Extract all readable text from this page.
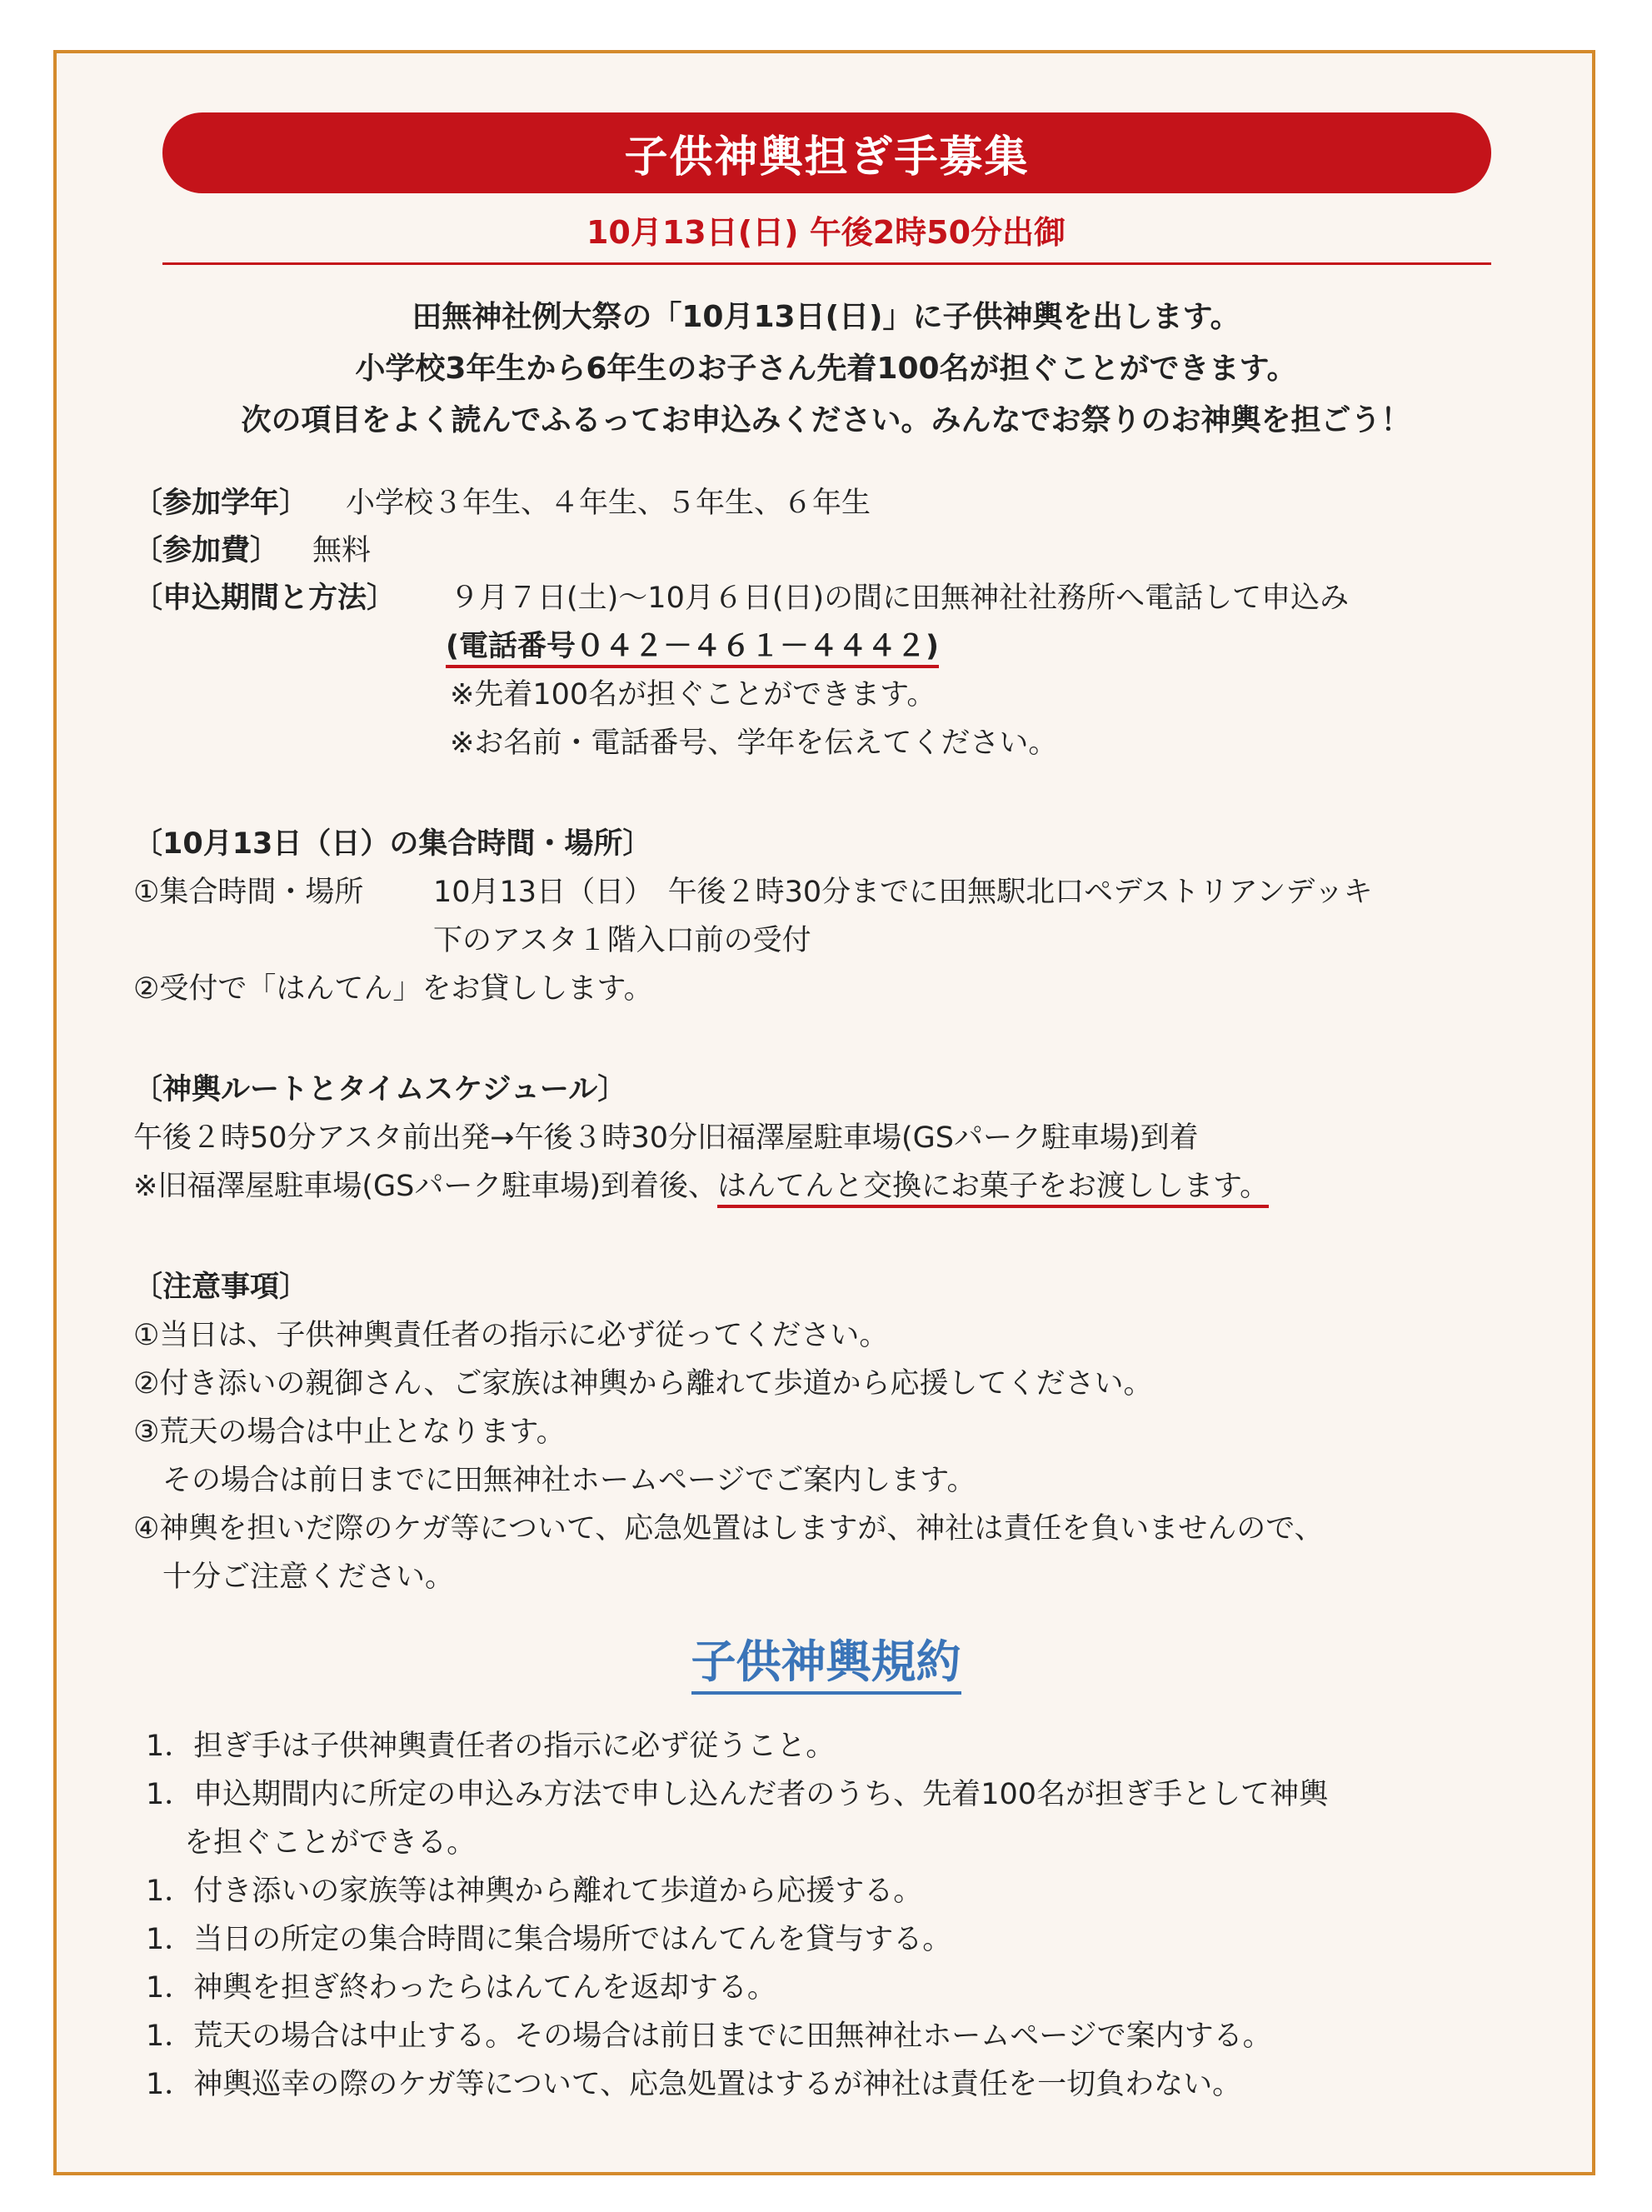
子供神輿担ぎ手募集
10月13日(日) 午後2時50分出御
田無神社例大祭の「10月13日(日)」に子供神輿を出します。
小学校3年生から6年生のお子さん先着100名が担ぐことができます。
次の項目をよく読んでふるってお申込みください。みんなでお祭りのお神輿を担ごう！
〔参加学年〕 小学校３年生、４年生、５年生、６年生
〔参加費〕 無料
〔申込期間と方法〕 ９月７日(土)～10月６日(日)の間に田無神社社務所へ電話して申込み
(電話番号０４２－４６１－４４４２)
※先着100名が担ぐことができます。
※お名前・電話番号、学年を伝えてください。
〔10月13日（日）の集合時間・場所〕
①集合時間・場所 10月13日（日）　午後２時30分までに田無駅北口ペデストリアンデッキ
下のアスタ１階入口前の受付
②受付で「はんてん」をお貸しします。
〔神輿ルートとタイムスケジュール〕
午後２時50分アスタ前出発→午後３時30分旧福澤屋駐車場(GSパーク駐車場)到着
※旧福澤屋駐車場(GSパーク駐車場)到着後、はんてんと交換にお菓子をお渡しします。
〔注意事項〕
①当日は、子供神輿責任者の指示に必ず従ってください。
②付き添いの親御さん、ご家族は神輿から離れて歩道から応援してください。
③荒天の場合は中止となります。
　その場合は前日までに田無神社ホームページでご案内します。
④神輿を担いだ際のケガ等について、応急処置はしますが、神社は責任を負いませんので、
　十分ご注意ください。
子供神輿規約
1．担ぎ手は子供神輿責任者の指示に必ず従うこと。
1．申込期間内に所定の申込み方法で申し込んだ者のうち、先着100名が担ぎ手として神輿
　 を担ぐことができる。
1．付き添いの家族等は神輿から離れて歩道から応援する。
1．当日の所定の集合時間に集合場所ではんてんを貸与する。
1．神輿を担ぎ終わったらはんてんを返却する。
1．荒天の場合は中止する。その場合は前日までに田無神社ホームページで案内する。
1．神輿巡幸の際のケガ等について、応急処置はするが神社は責任を一切負わない。
